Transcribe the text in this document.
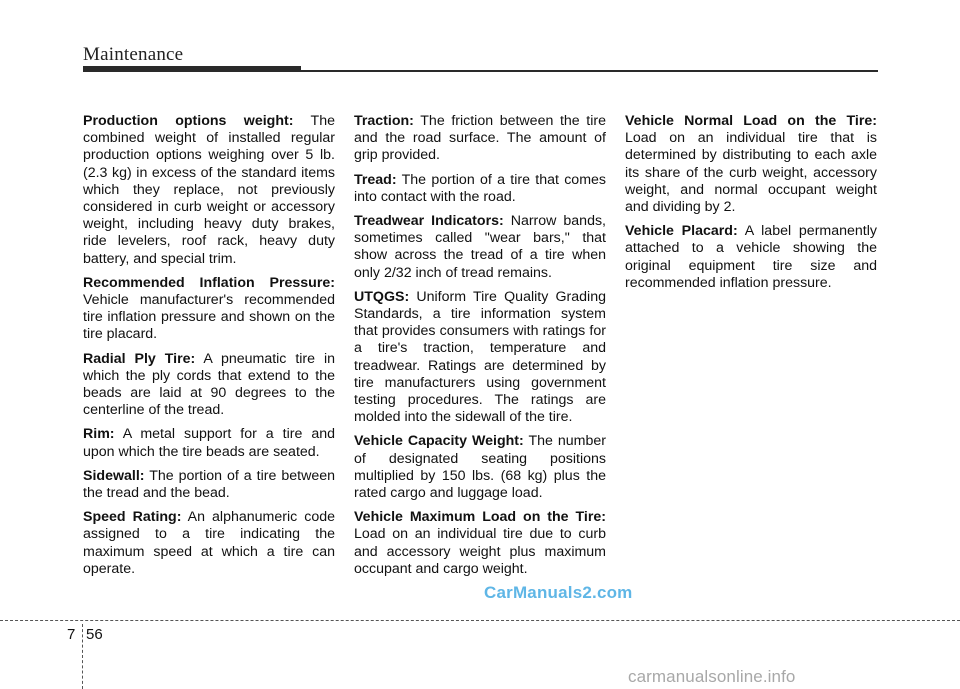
Maintenance

Production options weight: The combined weight of installed regular production options weighing over 5 lb. (2.3 kg) in excess of the standard items which they replace, not previously considered in curb weight or accessory weight, including heavy duty brakes, ride levelers, roof rack, heavy duty battery, and special trim.

Recommended Inflation Pressure: Vehicle manufacturer's recommended tire inflation pressure and shown on the tire placard.

Radial Ply Tire: A pneumatic tire in which the ply cords that extend to the beads are laid at 90 degrees to the centerline of the tread.

Rim: A metal support for a tire and upon which the tire beads are seated.

Sidewall: The portion of a tire between the tread and the bead.

Speed Rating: An alphanumeric code assigned to a tire indicating the maximum speed at which a tire can operate.

Traction: The friction between the tire and the road surface. The amount of grip provided.

Tread: The portion of a tire that comes into contact with the road.

Treadwear Indicators: Narrow bands, sometimes called "wear bars," that show across the tread of a tire when only 2/32 inch of tread remains.

UTQGS: Uniform Tire Quality Grading Standards, a tire information system that provides consumers with ratings for a tire's traction, temperature and treadwear. Ratings are determined by tire manufacturers using government testing procedures. The ratings are molded into the sidewall of the tire.

Vehicle Capacity Weight: The number of designated seating positions multiplied by 150 lbs. (68 kg) plus the rated cargo and luggage load.

Vehicle Maximum Load on the Tire: Load on an individual tire due to curb and accessory weight plus maximum occupant and cargo weight.

Vehicle Normal Load on the Tire: Load on an individual tire that is determined by distributing to each axle its share of the curb weight, accessory weight, and normal occupant weight and dividing by 2.

Vehicle Placard: A label permanently attached to a vehicle showing the original equipment tire size and recommended inflation pressure.

CarManuals2.com
7 56
carmanualsonline.info
